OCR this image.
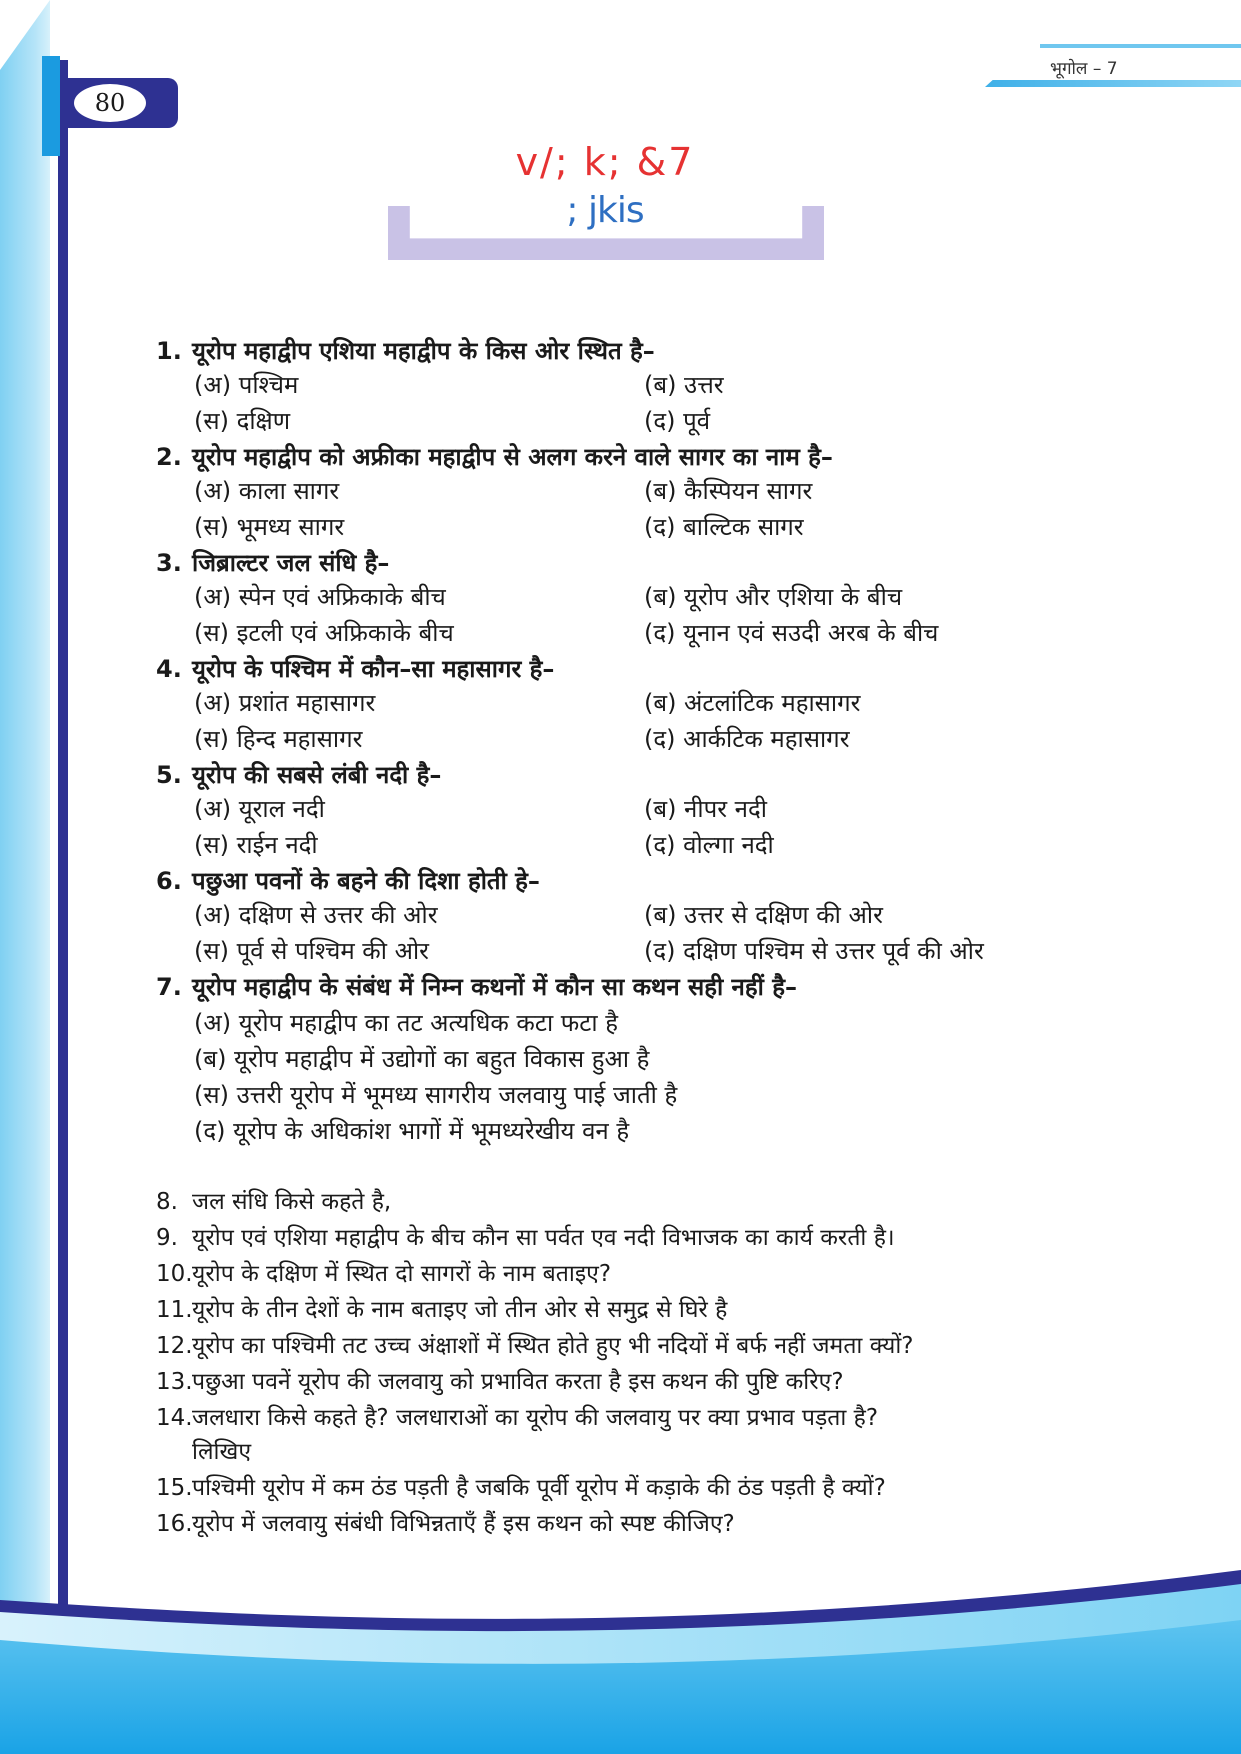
80
भूगोल – 7
v/; k; &7
; jkis
1. यूरोप महाद्वीप एशिया महाद्वीप के किस ओर स्थित है–
(अ) पश्चिम	(ब) उत्तर
(स) दक्षिण	(द) पूर्व
2. यूरोप महाद्वीप को अफ्रीका महाद्वीप से अलग करने वाले सागर का नाम है–
(अ) काला सागर	(ब) कैस्पियन सागर
(स) भूमध्य सागर	(द) बाल्टिक सागर
3. जिब्राल्टर जल संधि है–
(अ) स्पेन एवं अफ्रिकाके बीच	(ब) यूरोप और एशिया के बीच
(स) इटली एवं अफ्रिकाके बीच	(द) यूनान एवं सउदी अरब के बीच
4. यूरोप के पश्चिम में कौन–सा महासागर है–
(अ) प्रशांत महासागर	(ब) अंटलांटिक महासागर
(स) हिन्द महासागर	(द) आर्कटिक महासागर
5. यूरोप की सबसे लंबी नदी है–
(अ) यूराल नदी	(ब) नीपर नदी
(स) राईन नदी	(द) वोल्गा नदी
6. पछुआ पवनों के बहने की दिशा होती हे–
(अ) दक्षिण से उत्तर की ओर	(ब) उत्तर से दक्षिण की ओर
(स) पूर्व से पश्चिम की ओर	(द) दक्षिण पश्चिम से उत्तर पूर्व की ओर
7. यूरोप महाद्वीप के संबंध में निम्न कथनों में कौन सा कथन सही नहीं है–
(अ) यूरोप महाद्वीप का तट अत्यधिक कटा फटा है
(ब) यूरोप महाद्वीप में उद्योगों का बहुत विकास हुआ है
(स) उत्तरी यूरोप में भूमध्य सागरीय जलवायु पाई जाती है
(द) यूरोप के अधिकांश भागों में भूमध्यरेखीय वन है
8. जल संधि किसे कहते है,
9. यूरोप एवं एशिया महाद्वीप के बीच कौन सा पर्वत एव नदी विभाजक का कार्य करती है।
10.यूरोप के दक्षिण में स्थित दो सागरों के नाम बताइए?
11.यूरोप के तीन देशों के नाम बताइए जो तीन ओर से समुद्र से घिरे है
12.यूरोप का पश्चिमी तट उच्च अंक्षाशों में स्थित होते हुए भी नदियों में बर्फ नहीं जमता क्यों?
13.पछुआ पवनें यूरोप की जलवायु को प्रभावित करता है इस कथन की पुष्टि करिए?
14.जलधारा किसे कहते है? जलधाराओं का यूरोप की जलवायु पर क्या प्रभाव पड़ता है?
लिखिए
15.पश्चिमी यूरोप में कम ठंड पड़ती है जबकि पूर्वी यूरोप में कड़ाके की ठंड पड़ती है क्यों?
16.यूरोप में जलवायु संबंधी विभिन्नताएँ हैं इस कथन को स्पष्ट कीजिए?
